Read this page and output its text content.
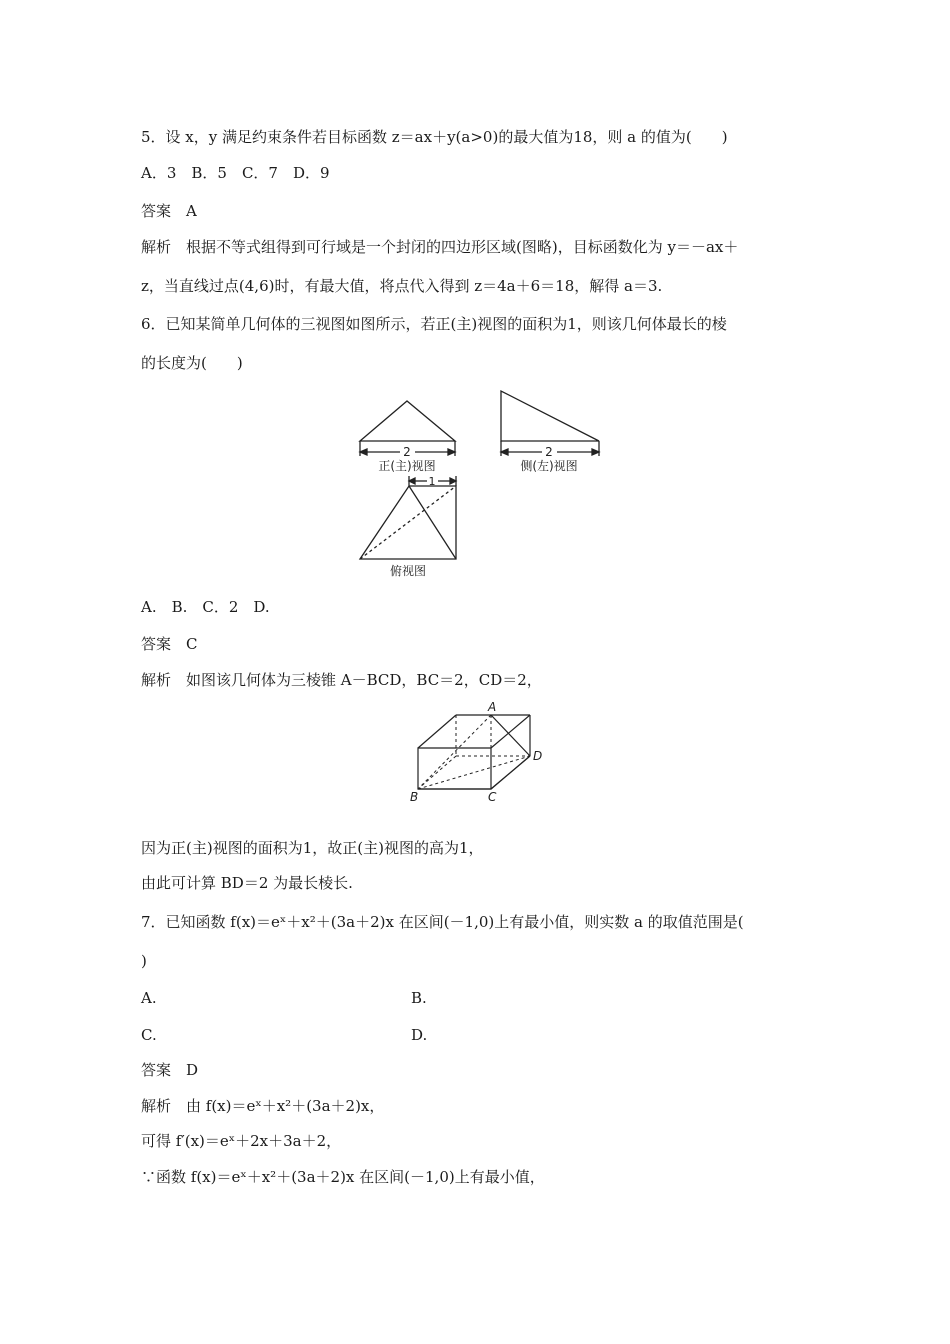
5．设 x，y 满足约束条件若目标函数 z＝ax＋y(a>0)的最大值为18，则 a 的值为(　　)
A．3　B．5　C．7　D．9
答案　A
解析　根据不等式组得到可行域是一个封闭的四边形区域(图略)，目标函数化为 y＝－ax＋
z，当直线过点(4,6)时，有最大值，将点代入得到 z＝4a＋6＝18，解得 a＝3.
6．已知某简单几何体的三视图如图所示，若正(主)视图的面积为1，则该几何体最长的棱
的长度为(　　)
2
正(主)视图
2
侧(左)视图
1
俯视图
A.　B.　C．2　D.
答案　C
解析　如图该几何体为三棱锥 A－BCD，BC＝2，CD＝2，
A
B	C
D
因为正(主)视图的面积为1，故正(主)视图的高为1，
由此可计算 BD＝2 为最长棱长.
7．已知函数 f(x)＝eˣ＋x²＋(3a＋2)x 在区间(－1,0)上有最小值，则实数 a 的取值范围是(
)
A.	B.
C.	D.
答案　D
解析　由 f(x)＝eˣ＋x²＋(3a＋2)x，
可得 f′(x)＝eˣ＋2x＋3a＋2，
∵函数 f(x)＝eˣ＋x²＋(3a＋2)x 在区间(－1,0)上有最小值，
